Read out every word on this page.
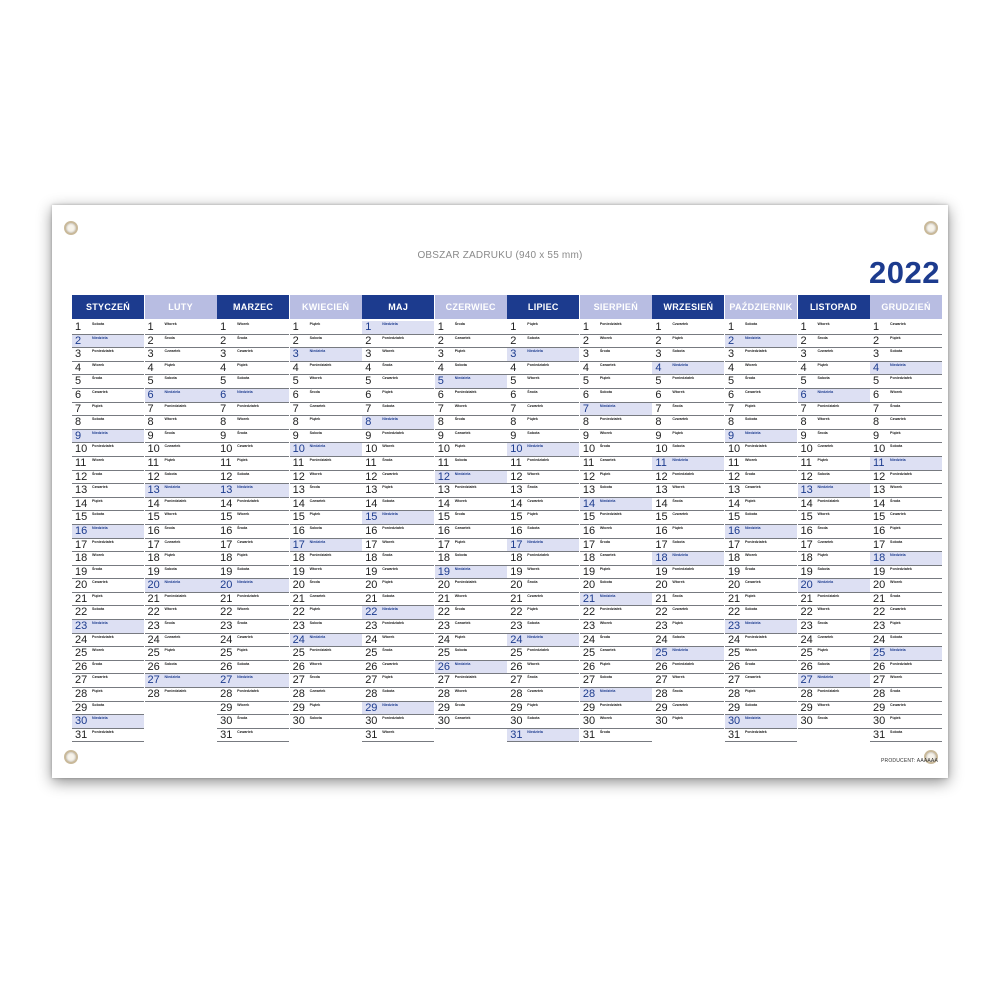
OBSZAR ZADRUKU (940 x 55 mm)	2022
STYCZEŃ
1	Sobota
2	Niedziela
3	Poniedziałek
4	Wtorek
5	Środa
6	Czwartek
7	Piątek
8	Sobota
9	Niedziela
10 Poniedziałek
11 Wtorek
12 Środa
13 Czwartek
14 Piątek
15 Sobota
16 Niedziela
17 Poniedziałek
18 Wtorek
19 Środa
20 Czwartek
21 Piątek
22 Sobota
23 Niedziela
24 Poniedziałek
25 Wtorek
26 Środa
27 Czwartek
28 Piątek
29 Sobota
30 Niedziela
31 Poniedziałek
LUTY
1	Wtorek
2	Środa
3	Czwartek
4	Piątek
5	Sobota
6	Niedziela
7	Poniedziałek
8	Wtorek
9	Środa
10 Czwartek
11 Piątek
12 Sobota
13 Niedziela
14 Poniedziałek
15 Wtorek
16 Środa
17 Czwartek
18 Piątek
19 Sobota
20 Niedziela
21 Poniedziałek
22 Wtorek
23 Środa
24 Czwartek
25 Piątek
26 Sobota
27 Niedziela
28 Poniedziałek
MARZEC
1	Wtorek
2	Środa
3	Czwartek
4	Piątek
5	Sobota
6	Niedziela
7	Poniedziałek
8	Wtorek
9	Środa
10 Czwartek
11 Piątek
12 Sobota
13 Niedziela
14 Poniedziałek
15 Wtorek
16 Środa
17 Czwartek
18 Piątek
19 Sobota
20 Niedziela
21 Poniedziałek
22 Wtorek
23 Środa
24 Czwartek
25 Piątek
26 Sobota
27 Niedziela
28 Poniedziałek
29 Wtorek
30 Środa
31 Czwartek
KWIECIEŃ
1	Piątek
2	Sobota
3	Niedziela
4	Poniedziałek
5	Wtorek
6	Środa
7	Czwartek
8	Piątek
9	Sobota
10 Niedziela
11 Poniedziałek
12 Wtorek
13 Środa
14 Czwartek
15 Piątek
16 Sobota
17 Niedziela
18 Poniedziałek
19 Wtorek
20 Środa
21 Czwartek
22 Piątek
23 Sobota
24 Niedziela
25 Poniedziałek
26 Wtorek
27 Środa
28 Czwartek
29 Piątek
30 Sobota
MAJ
1	Niedziela
2	Poniedziałek
3	Wtorek
4	Środa
5	Czwartek
6	Piątek
7	Sobota
8	Niedziela
9	Poniedziałek
10 Wtorek
11 Środa
12 Czwartek
13 Piątek
14 Sobota
15 Niedziela
16 Poniedziałek
17 Wtorek
18 Środa
19 Czwartek
20 Piątek
21 Sobota
22 Niedziela
23 Poniedziałek
24 Wtorek
25 Środa
26 Czwartek
27 Piątek
28 Sobota
29 Niedziela
30 Poniedziałek
31 Wtorek
CZERWIEC
1	Środa
2	Czwartek
3	Piątek
4	Sobota
5	Niedziela
6	Poniedziałek
7	Wtorek
8	Środa
9	Czwartek
10 Piątek
11 Sobota
12 Niedziela
13 Poniedziałek
14 Wtorek
15 Środa
16 Czwartek
17 Piątek
18 Sobota
19 Niedziela
20 Poniedziałek
21 Wtorek
22 Środa
23 Czwartek
24 Piątek
25 Sobota
26 Niedziela
27 Poniedziałek
28 Wtorek
29 Środa
30 Czwartek
LIPIEC
1	Piątek
2	Sobota
3	Niedziela
4	Poniedziałek
5	Wtorek
6	Środa
7	Czwartek
8	Piątek
9	Sobota
10 Niedziela
11 Poniedziałek
12 Wtorek
13 Środa
14 Czwartek
15 Piątek
16 Sobota
17 Niedziela
18 Poniedziałek
19 Wtorek
20 Środa
21 Czwartek
22 Piątek
23 Sobota
24 Niedziela
25 Poniedziałek
26 Wtorek
27 Środa
28 Czwartek
29 Piątek
30 Sobota
31 Niedziela
SIERPIEŃ
1	Poniedziałek
2	Wtorek
3	Środa
4	Czwartek
5	Piątek
6	Sobota
7	Niedziela
8	Poniedziałek
9	Wtorek
10 Środa
11 Czwartek
12 Piątek
13 Sobota
14 Niedziela
15 Poniedziałek
16 Wtorek
17 Środa
18 Czwartek
19 Piątek
20 Sobota
21 Niedziela
22 Poniedziałek
23 Wtorek
24 Środa
25 Czwartek
26 Piątek
27 Sobota
28 Niedziela
29 Poniedziałek
30 Wtorek
31 Środa
WRZESIEŃ
1	Czwartek
2	Piątek
3	Sobota
4	Niedziela
5	Poniedziałek
6	Wtorek
7	Środa
8	Czwartek
9	Piątek
10 Sobota
11 Niedziela
12 Poniedziałek
13 Wtorek
14 Środa
15 Czwartek
16 Piątek
17 Sobota
18 Niedziela
19 Poniedziałek
20 Wtorek
21 Środa
22 Czwartek
23 Piątek
24 Sobota
25 Niedziela
26 Poniedziałek
27 Wtorek
28 Środa
29 Czwartek
30 Piątek
PAŹDZIERNIK
1	Sobota
2	Niedziela
3	Poniedziałek
4	Wtorek
5	Środa
6	Czwartek
7	Piątek
8	Sobota
9	Niedziela
10 Poniedziałek
11 Wtorek
12 Środa
13 Czwartek
14 Piątek
15 Sobota
16 Niedziela
17 Poniedziałek
18 Wtorek
19 Środa
20 Czwartek
21 Piątek
22 Sobota
23 Niedziela
24 Poniedziałek
25 Wtorek
26 Środa
27 Czwartek
28 Piątek
29 Sobota
30 Niedziela
31 Poniedziałek
LISTOPAD
1	Wtorek
2	Środa
3	Czwartek
4	Piątek
5	Sobota
6	Niedziela
7	Poniedziałek
8	Wtorek
9	Środa
10 Czwartek
11 Piątek
12 Sobota
13 Niedziela
14 Poniedziałek
15 Wtorek
16 Środa
17 Czwartek
18 Piątek
19 Sobota
20 Niedziela
21 Poniedziałek
22 Wtorek
23 Środa
24 Czwartek
25 Piątek
26 Sobota
27 Niedziela
28 Poniedziałek
29 Wtorek
30 Środa
GRUDZIEŃ
1	Czwartek
2	Piątek
3	Sobota
4	Niedziela
5	Poniedziałek
6	Wtorek
7	Środa
8	Czwartek
9	Piątek
10 Sobota
11 Niedziela
12 Poniedziałek
13 Wtorek
14 Środa
15 Czwartek
16 Piątek
17 Sobota
18 Niedziela
19 Poniedziałek
20 Wtorek
21 Środa
22 Czwartek
23 Piątek
24 Sobota
25 Niedziela
26 Poniedziałek
27 Wtorek
28 Środa
29 Czwartek
30 Piątek
31 Sobota
PRODUCENT: AAAAAA
